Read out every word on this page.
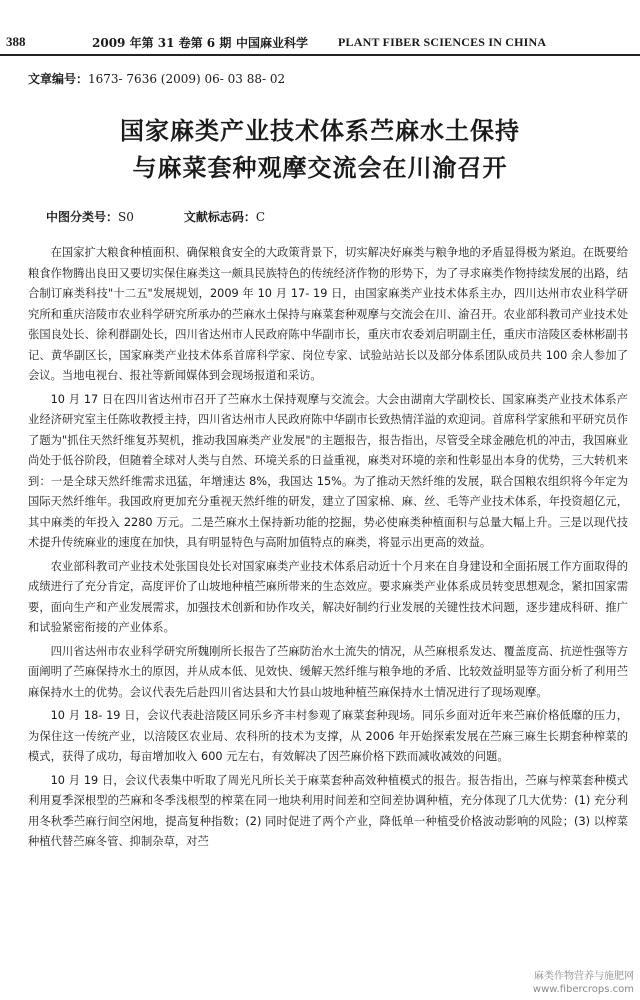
388	2009 年第 31 卷第 6 期 中国麻业科学 PLANT FIBER SCIENCES IN CHINA
文章编号：1673- 7636 (2009) 06- 03 88- 02
国家麻类产业技术体系苎麻水土保持
与麻菜套种观摩交流会在川渝召开
中图分类号：S0	文献标志码：C

在国家扩大粮食种植面积、确保粮食安全的大政策背景下，切实解决好麻类与粮争地的矛盾显得极为紧迫。在既要给粮食作物腾出良田又要切实保住麻类这一颇具民族特色的传统经济作物的形势下，为了寻求麻类作物持续发展的出路，结合制订麻类科技"十二五"发展规划，2009 年 10 月 17- 19 日，由国家麻类产业技术体系主办，四川达州市农业科学研究所和重庆涪陵市农业科学研究所承办的苎麻水土保持与麻菜套种观摩与交流会在川、渝召开。农业部科教司产业技术处张国良处长、徐利群副处长，四川省达州市人民政府陈中华副市长，重庆市农委刘启明副主任，重庆市涪陵区委林彬副书记、黄华副区长，国家麻类产业技术体系首席科学家、岗位专家、试验站站长以及部分体系团队成员共 100 余人参加了会议。当地电视台、报社等新闻媒体到会现场报道和采访。

10 月 17 日在四川省达州市召开了苎麻水土保持观摩与交流会。大会由湖南大学副校长、国家麻类产业技术体系产业经济研究室主任陈收教授主持，四川省达州市人民政府陈中华副市长致热情洋溢的欢迎词。首席科学家熊和平研究员作了题为"抓住天然纤维复苏契机，推动我国麻类产业发展"的主题报告，报告指出，尽管受全球金融危机的冲击，我国麻业尚处于低谷阶段，但随着全球对人类与自然、环境关系的日益重视，麻类对环境的亲和性彰显出本身的优势，三大转机来到：一是全球天然纤维需求迅猛，年增速达 8%，我国达 15%。为了推动天然纤维的发展，联合国粮农组织将今年定为国际天然纤维年。我国政府更加充分重视天然纤维的研发，建立了国家棉、麻、丝、毛等产业技术体系，年投资超亿元，其中麻类的年投入 2280 万元。二是苎麻水土保持新功能的挖掘，势必使麻类种植面积与总量大幅上升。三是以现代技术提升传统麻业的速度在加快，具有明显特色与高附加值特点的麻类，将显示出更高的效益。

农业部科教司产业技术处张国良处长对国家麻类产业技术体系启动近十个月来在自身建设和全面拓展工作方面取得的成绩进行了充分肯定，高度评价了山坡地种植苎麻所带来的生态效应。要求麻类产业体系成员转变思想观念，紧扣国家需要，面向生产和产业发展需求，加强技术创新和协作攻关，解决好制约行业发展的关键性技术问题，逐步建成科研、推广和试验紧密衔接的产业体系。

四川省达州市农业科学研究所魏刚所长报告了苎麻防治水土流失的情况，从苎麻根系发达、覆盖度高、抗逆性强等方面阐明了苎麻保持水土的原因，并从成本低、见效快、缓解天然纤维与粮争地的矛盾、比较效益明显等方面分析了利用苎麻保持水土的优势。会议代表先后赴四川省达县和大竹县山坡地种植苎麻保持水土情况进行了现场观摩。

10 月 18- 19 日，会议代表赴涪陵区同乐乡齐丰村参观了麻菜套种现场。同乐乡面对近年来苎麻价格低靡的压力，为保住这一传统产业，以涪陵区农业局、农科所的技术为支撑，从 2006 年开始探索发展在苎麻三麻生长期套种榨菜的模式，获得了成功，每亩增加收入 600 元左右，有效解决了因苎麻价格下跌而减收减效的问题。

10 月 19 日，会议代表集中听取了周光凡所长关于麻菜套种高效种植模式的报告。报告指出，苎麻与榨菜套种模式利用夏季深根型的苎麻和冬季浅根型的榨菜在同一地块利用时间差和空间差协调种植，充分体现了几大优势：(1) 充分利用冬秋季苎麻行间空闲地，提高复种指数；(2) 同时促进了两个产业，降低单一种植受价格波动影响的风险；(3) 以榨菜种植代替苎麻冬管、抑制杂草，对苎

麻类作物营养与施肥网
www.fibercrops.com
